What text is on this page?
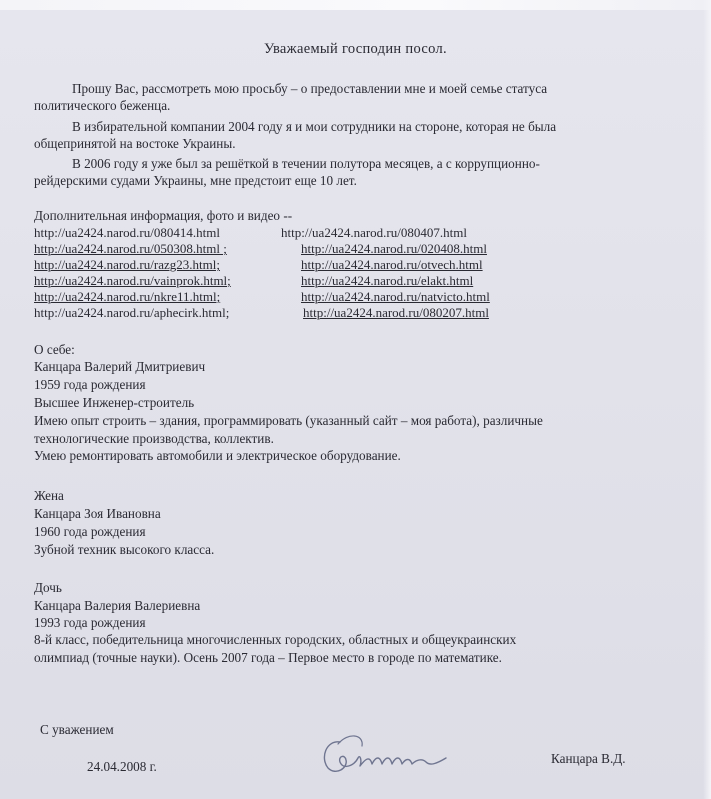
Уважаемый господин посол.
Прошу Вас, рассмотреть мою просьбу – о предоставлении мне и моей семье статуса
политического беженца.
В избирательной компании 2004 году я и мои сотрудники на стороне, которая не была
общепринятой на востоке Украины.
В 2006 году я уже был за решёткой в течении полутора месяцев, а с коррупционно-
рейдерскими судами Украины, мне предстоит еще 10 лет.
Дополнительная информация, фото и видео --
http://ua2424.narod.ru/080414.html	http://ua2424.narod.ru/080407.html
http://ua2424.narod.ru/050308.html ;	http://ua2424.narod.ru/020408.html
http://ua2424.narod.ru/razg23.html;	http://ua2424.narod.ru/otvech.html
http://ua2424.narod.ru/vainprok.html;	http://ua2424.narod.ru/elakt.html
http://ua2424.narod.ru/nkre11.html;	http://ua2424.narod.ru/natvicto.html
http://ua2424.narod.ru/aphecirk.html;	http://ua2424.narod.ru/080207.html
О себе:
Канцара Валерий Дмитриевич
1959 года рождения
Высшее Инженер-строитель
Имею опыт строить – здания, программировать (указанный сайт – моя работа), различные
технологические производства, коллектив.
Умею ремонтировать автомобили и электрическое оборудование.
Жена
Канцара Зоя Ивановна
1960 года рождения
Зубной техник высокого класса.
Дочь
Канцара Валерия Валериевна
1993 года рождения
8-й класс, победительница многочисленных городских, областных и общеукраинских
олимпиад (точные науки). Осень 2007 года – Первое место в городе по математике.
С уважением
24.04.2008 г.
Канцара В.Д.
